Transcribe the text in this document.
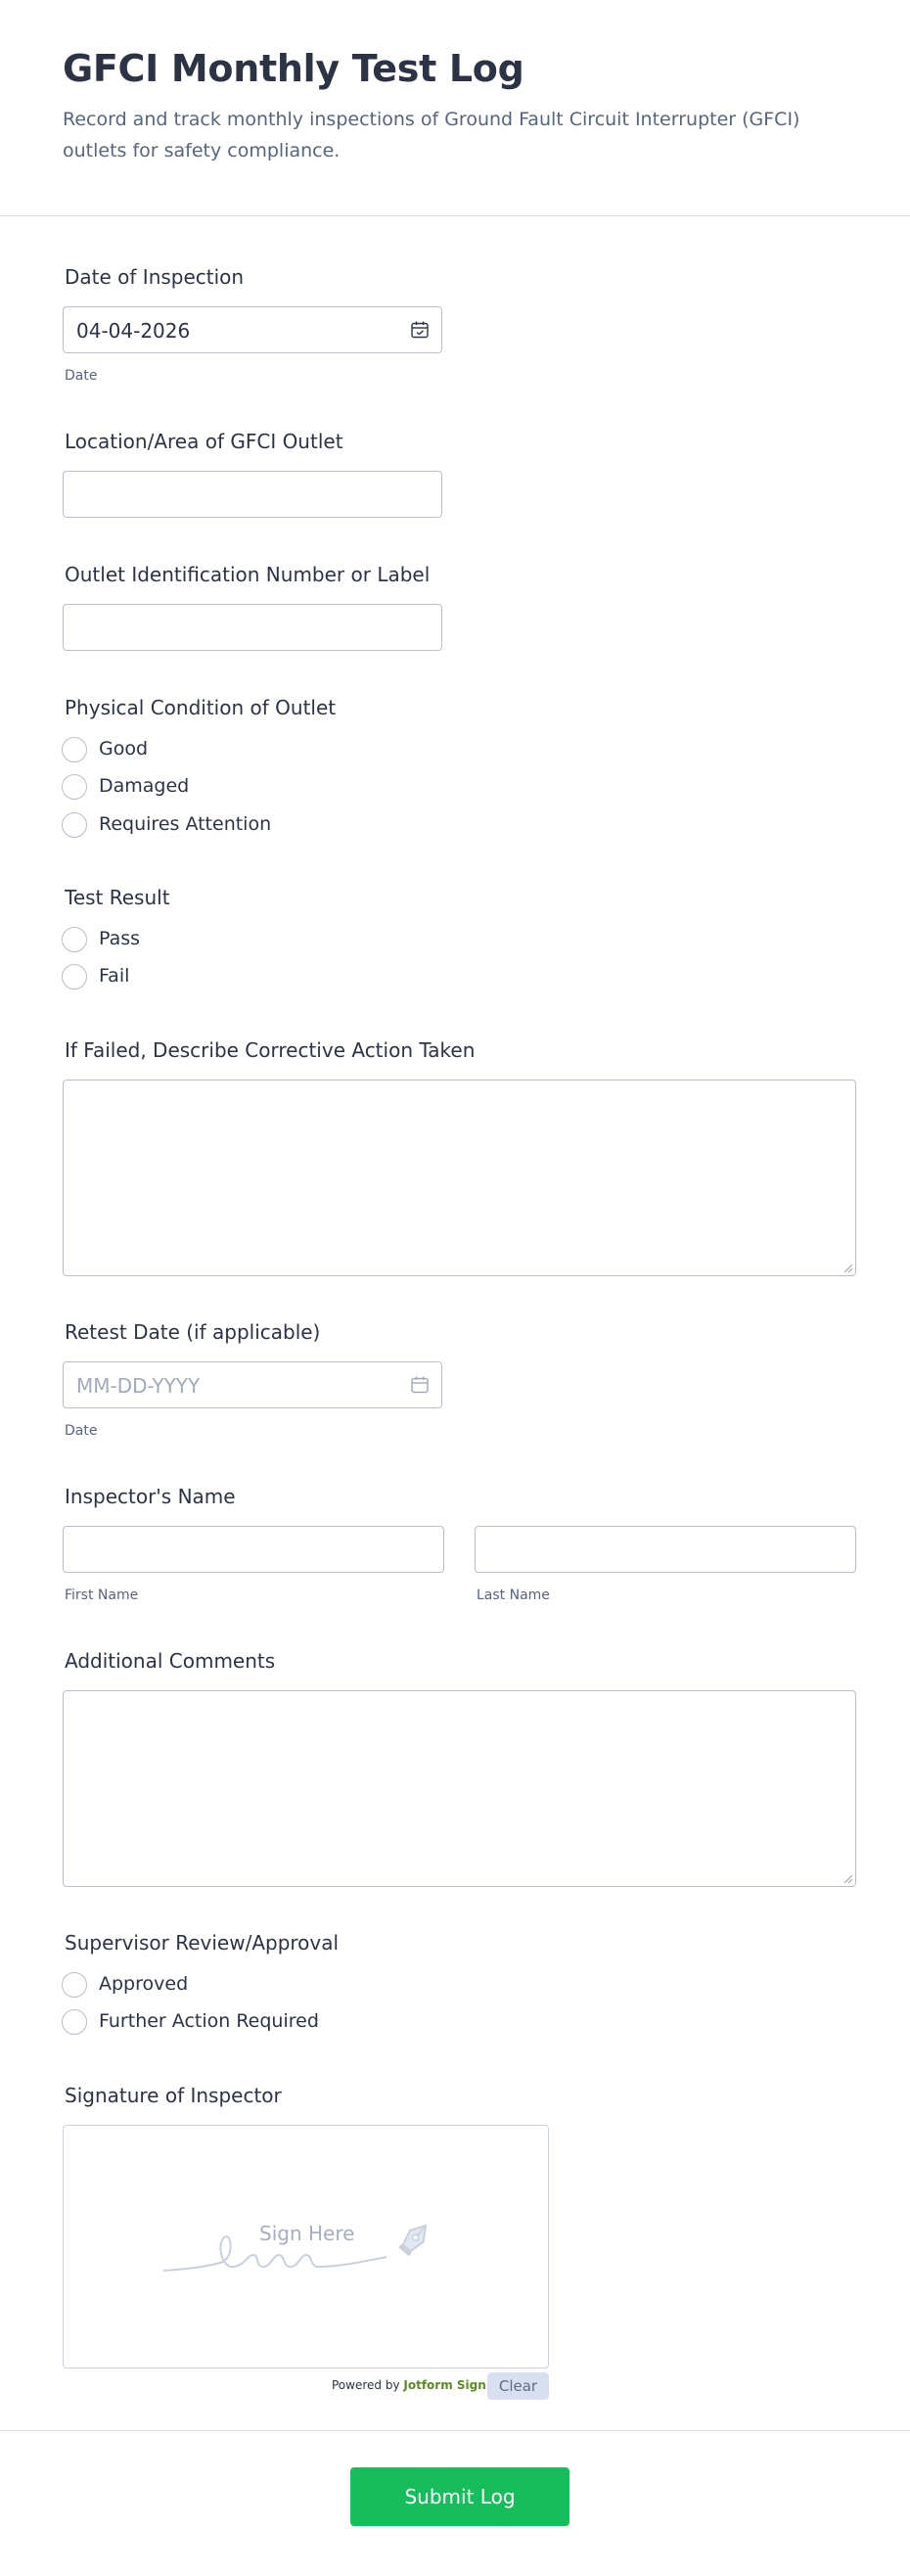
GFCI Monthly Test Log

Record and track monthly inspections of Ground Fault Circuit Interrupter (GFCI) outlets for safety compliance.

Date of Inspection
04-04-2026
Date
Location/Area of GFCI Outlet
Outlet Identification Number or Label
Physical Condition of Outlet
Good
Damaged
Requires Attention
Test Result
Pass
Fail
If Failed, Describe Corrective Action Taken
Retest Date (if applicable)
MM-DD-YYYY
Date
Inspector's Name
First Name	Last Name
Additional Comments
Supervisor Review/Approval
Approved
Further Action Required
Signature of Inspector
Sign Here
Powered by Jotform Sign Clear
Submit Log
